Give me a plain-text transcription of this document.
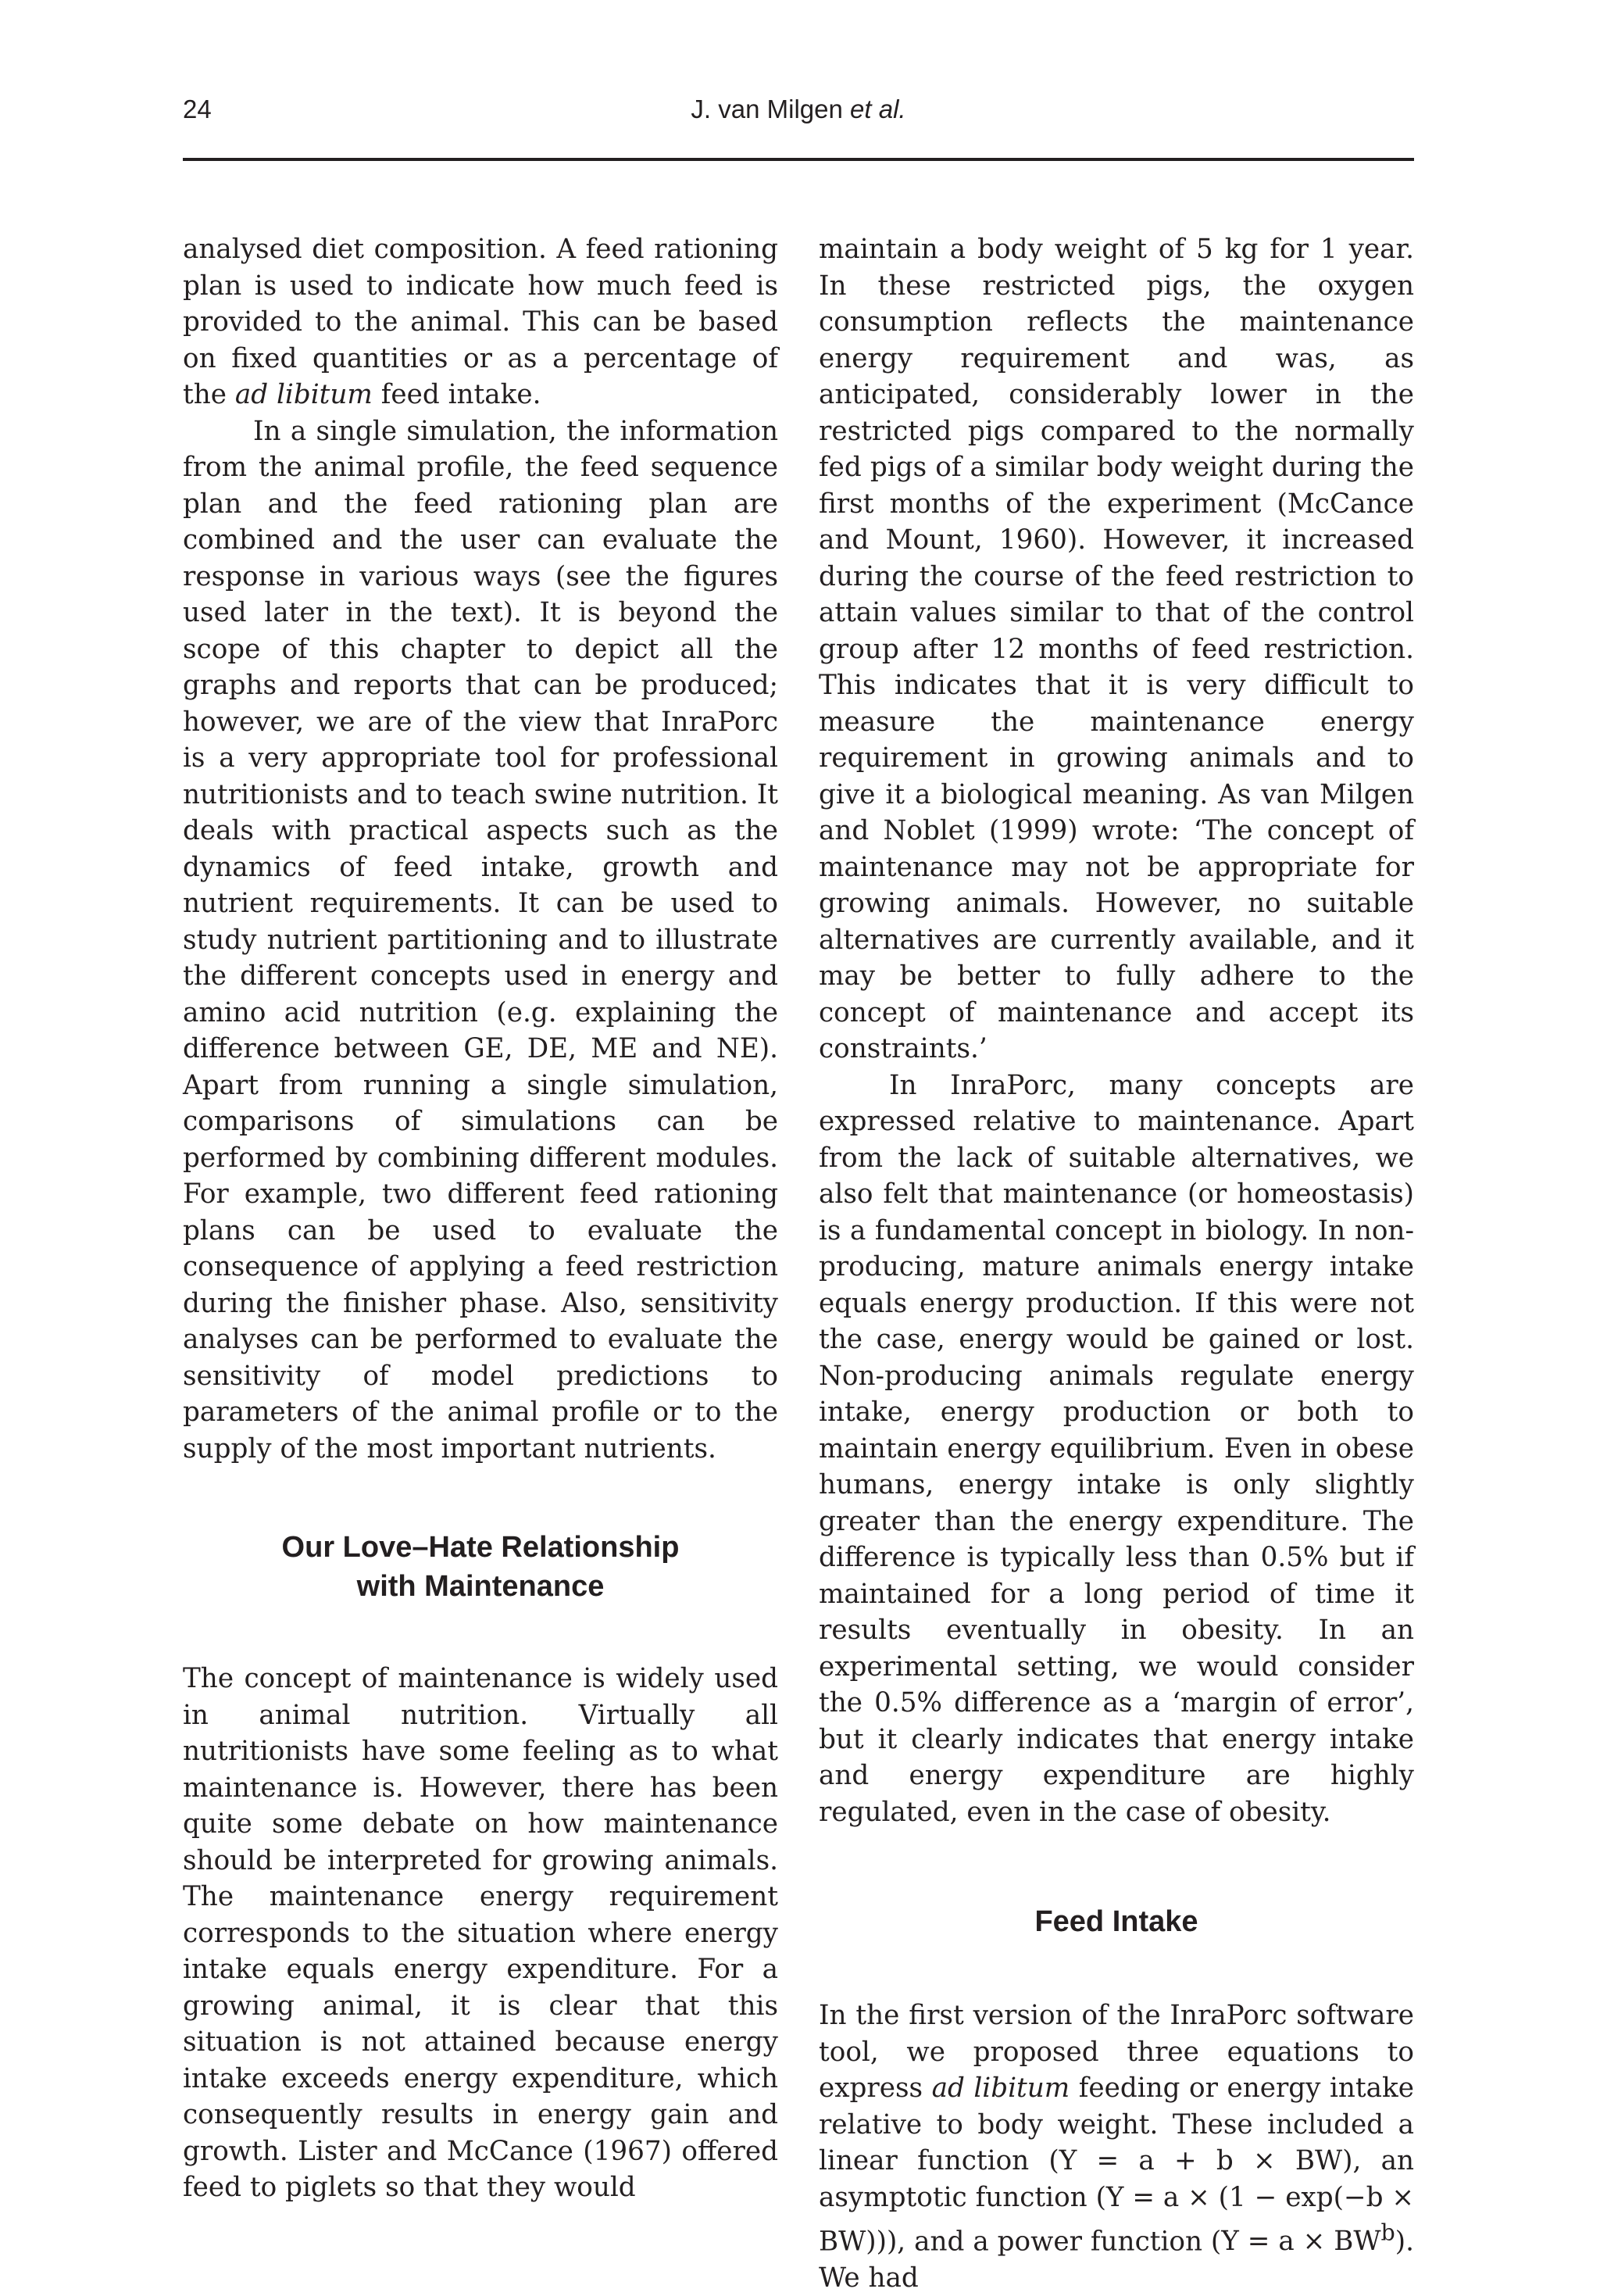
24	J. van Milgen et al.

analysed diet composition. A feed rationing plan is used to indicate how much feed is provided to the animal. This can be based on fixed quantities or as a percentage of the ad libitum feed intake.

In a single simulation, the information from the animal profile, the feed sequence plan and the feed rationing plan are combined and the user can evaluate the response in various ways (see the figures used later in the text). It is beyond the scope of this chapter to depict all the graphs and reports that can be produced; however, we are of the view that InraPorc is a very appropriate tool for professional nutritionists and to teach swine nutrition. It deals with practical aspects such as the dynamics of feed intake, growth and nutrient requirements. It can be used to study nutrient partitioning and to illustrate the different concepts used in energy and amino acid nutrition (e.g. explaining the difference between GE, DE, ME and NE). Apart from running a single simulation, comparisons of simulations can be performed by combining different modules. For example, two different feed rationing plans can be used to evaluate the consequence of applying a feed restriction during the finisher phase. Also, sensitivity analyses can be performed to evaluate the sensitivity of model predictions to parameters of the animal profile or to the supply of the most important nutrients.

Our Love–Hate Relationship
with Maintenance

The concept of maintenance is widely used in animal nutrition. Virtually all nutritionists have some feeling as to what maintenance is. However, there has been quite some debate on how maintenance should be interpreted for growing animals. The maintenance energy requirement corresponds to the situation where energy intake equals energy expenditure. For a growing animal, it is clear that this situation is not attained because energy intake exceeds energy expenditure, which consequently results in energy gain and growth. Lister and McCance (1967) offered feed to piglets so that they would

maintain a body weight of 5 kg for 1 year. In these restricted pigs, the oxygen consumption reflects the maintenance energy requirement and was, as anticipated, considerably lower in the restricted pigs compared to the normally fed pigs of a similar body weight during the first months of the experiment (McCance and Mount, 1960). However, it increased during the course of the feed restriction to attain values similar to that of the control group after 12 months of feed restriction. This indicates that it is very difficult to measure the maintenance energy requirement in growing animals and to give it a biological meaning. As van Milgen and Noblet (1999) wrote: ‘The concept of maintenance may not be appropriate for growing animals. However, no suitable alternatives are currently available, and it may be better to fully adhere to the concept of maintenance and accept its constraints.’

In InraPorc, many concepts are expressed relative to maintenance. Apart from the lack of suitable alternatives, we also felt that maintenance (or homeostasis) is a fundamental concept in biology. In non-producing, mature animals energy intake equals energy production. If this were not the case, energy would be gained or lost. Non-producing animals regulate energy intake, energy production or both to maintain energy equilibrium. Even in obese humans, energy intake is only slightly greater than the energy expenditure. The difference is typically less than 0.5% but if maintained for a long period of time it results eventually in obesity. In an experimental setting, we would consider the 0.5% difference as a ‘margin of error’, but it clearly indicates that energy intake and energy expenditure are highly regulated, even in the case of obesity.

Feed Intake

In the first version of the InraPorc software tool, we proposed three equations to express ad libitum feeding or energy intake relative to body weight. These included a linear function (Y = a + b × BW), an asymptotic function (Y = a × (1 − exp(−b × BW))), and a power function $(Y = a \times BW^b)$. We had
